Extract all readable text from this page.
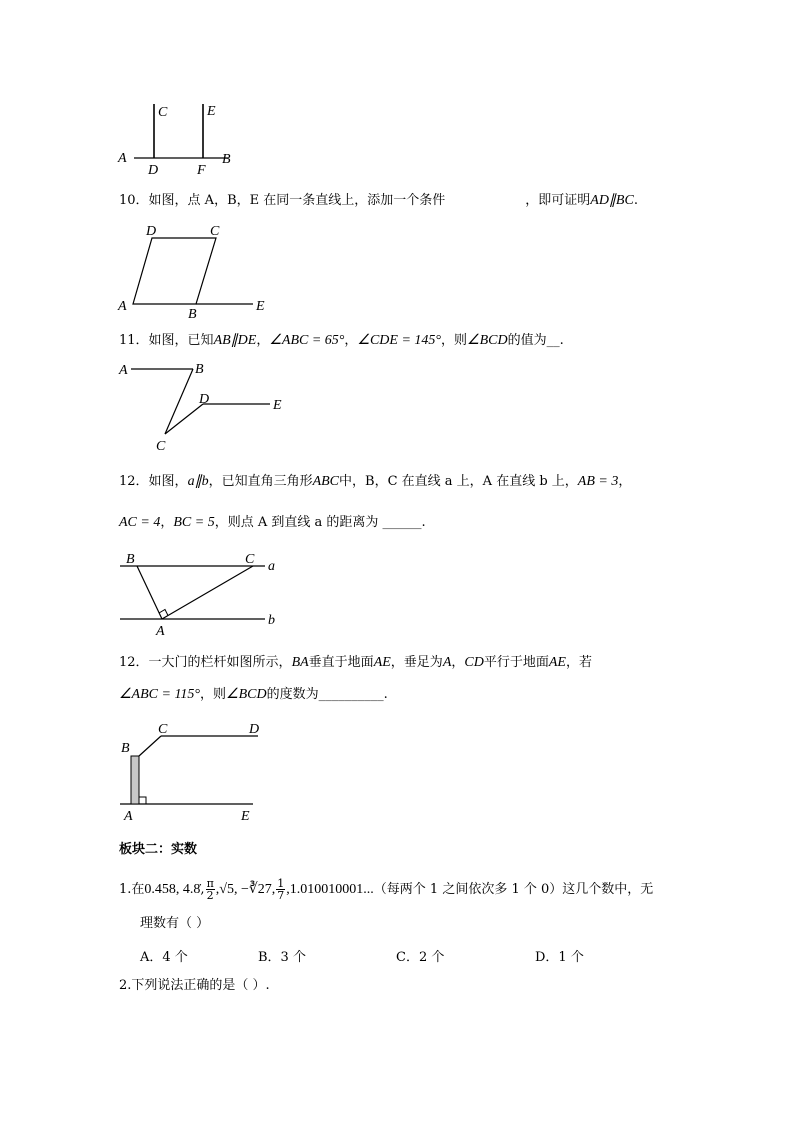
A
D	F
B
C	E
10．如图，点 A，B，E 在同一条直线上，添加一个条件	，即可证明AD∥BC.
D	C
A
B
E
11．如图，已知AB∥DE，∠ABC = 65°，∠CDE = 145°，则∠BCD的值为__.
A	B
D	E
C
12．如图，a∥b，已知直角三角形ABC中，B，C 在直线 a 上，A 在直线 b 上，AB = 3，
AC = 4，BC = 5，则点 A 到直线 a 的距离为 ______.
B	C a
b
A
12．一大门的栏杆如图所示，BA垂直于地面AE，垂足为A，CD平行于地面AE，若
∠ABC = 115°，则∠BCD的度数为__________.
B
C	D
A	E
板块二：实数
1.在0.458, 4.8̇, $\frac{\pi}{2} ,√5$, −∛27, $\frac{1}{7} ,1.010010001$...（每两个 1 之间依次多 1 个 0）这几个数中，无
理数有（ ）
A．4 个	B．3 个	C．2 个	D．1 个
2.下列说法正确的是（ ）.
